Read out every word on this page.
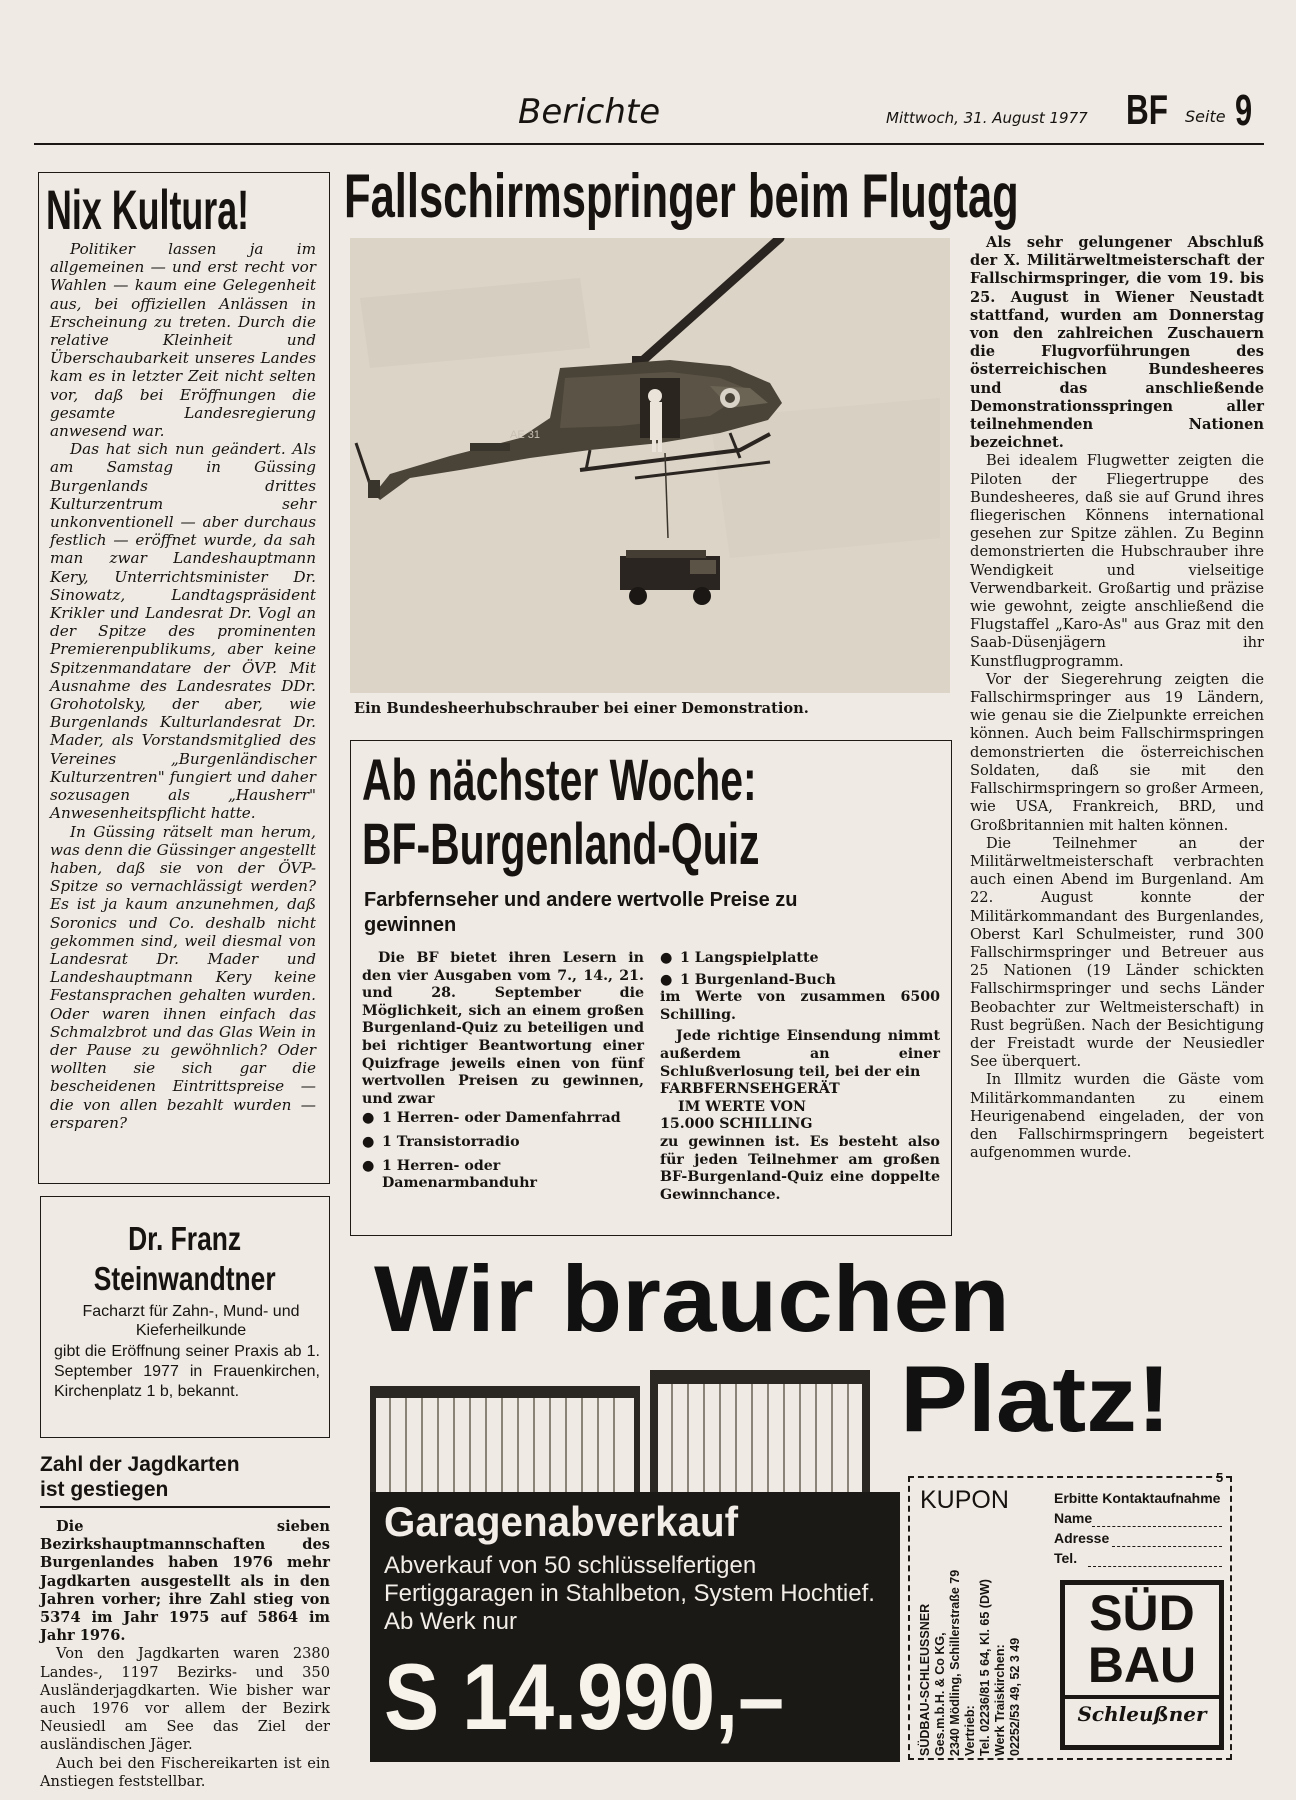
Berichte	Mittwoch, 31. August 1977 BF Seite 9
Nix Kultura!

Politiker lassen ja im allgemeinen — und erst recht vor Wahlen — kaum eine Gelegenheit aus, bei offiziellen Anlässen in Erscheinung zu treten. Durch die relative Kleinheit und Überschaubarkeit unseres Landes kam es in letzter Zeit nicht selten vor, daß bei Eröffnungen die gesamte Landesregierung anwesend war.

Das hat sich nun geändert. Als am Samstag in Güssing Burgenlands drittes Kulturzentrum sehr unkonventionell — aber durchaus festlich — eröffnet wurde, da sah man zwar Landeshauptmann Kery, Unterrichtsminister Dr. Sinowatz, Landtagspräsident Krikler und Landesrat Dr. Vogl an der Spitze des prominenten Premierenpublikums, aber keine Spitzenmandatare der ÖVP. Mit Ausnahme des Landesrates DDr. Grohotolsky, der aber, wie Burgenlands Kulturlandesrat Dr. Mader, als Vorstandsmitglied des Vereines „Burgenländischer Kulturzentren" fungiert und daher sozusagen als „Hausherr" Anwesenheitspflicht hatte.

In Güssing rätselt man herum, was denn die Güssinger angestellt haben, daß sie von der ÖVP-Spitze so vernachlässigt werden? Es ist ja kaum anzunehmen, daß Soronics und Co. deshalb nicht gekommen sind, weil diesmal von Landesrat Dr. Mader und Landeshauptmann Kery keine Festansprachen gehalten wurden. Oder waren ihnen einfach das Schmalzbrot und das Glas Wein in der Pause zu gewöhnlich? Oder wollten sie sich gar die bescheidenen Eintrittspreise — die von allen bezahlt wurden — ersparen?

Dr. Franz
Steinwandtner
Facharzt für Zahn-, Mund- und Kieferheilkunde
gibt die Eröffnung seiner Praxis ab 1. September 1977 in Frauenkirchen, Kirchenplatz 1 b, bekannt.
Zahl der Jagdkarten
ist gestiegen

Die sieben Bezirkshauptmannschaften des Burgenlandes haben 1976 mehr Jagdkarten ausgestellt als in den Jahren vorher; ihre Zahl stieg von 5374 im Jahr 1975 auf 5864 im Jahr 1976.

Von den Jagdkarten waren 2380 Landes-, 1197 Bezirks- und 350 Ausländerjagdkarten. Wie bisher war auch 1976 vor allem der Bezirk Neusiedl am See das Ziel der ausländischen Jäger.

Auch bei den Fischereikarten ist ein Anstiegen feststellbar.

Fallschirmspringer beim Flugtag
AE 31
Ein Bundesheerhubschrauber bei einer Demonstration.

Als sehr gelungener Abschluß der X. Militärweltmeisterschaft der Fallschirmspringer, die vom 19. bis 25. August in Wiener Neustadt stattfand, wurden am Donnerstag von den zahlreichen Zuschauern die Flugvorführungen des österreichischen Bundesheeres und das anschließende Demonstrationsspringen aller teilnehmenden Nationen bezeichnet.

Bei idealem Flugwetter zeigten die Piloten der Fliegertruppe des Bundesheeres, daß sie auf Grund ihres fliegerischen Könnens international gesehen zur Spitze zählen. Zu Beginn demonstrierten die Hubschrauber ihre Wendigkeit und vielseitige Verwendbarkeit. Großartig und präzise wie gewohnt, zeigte anschließend die Flugstaffel „Karo-As" aus Graz mit den Saab-Düsenjägern ihr Kunstflugprogramm.

Vor der Siegerehrung zeigten die Fallschirmspringer aus 19 Ländern, wie genau sie die Zielpunkte erreichen können. Auch beim Fallschirmspringen demonstrierten die österreichischen Soldaten, daß sie mit den Fallschirmspringern so großer Armeen, wie USA, Frankreich, BRD, und Großbritannien mit halten können.

Die Teilnehmer an der Militärweltmeisterschaft verbrachten auch einen Abend im Burgenland. Am 22. August konnte der Militärkommandant des Burgenlandes, Oberst Karl Schulmeister, rund 300 Fallschirmspringer und Betreuer aus 25 Nationen (19 Länder schickten Fallschirmspringer und sechs Länder Beobachter zur Weltmeisterschaft) in Rust begrüßen. Nach der Besichtigung der Freistadt wurde der Neusiedler See überquert.

In Illmitz wurden die Gäste vom Militärkommandanten zu einem Heurigenabend eingeladen, der von den Fallschirmspringern begeistert aufgenommen wurde.

Ab nächster Woche:
BF-Burgenland-Quiz
Farbfernseher und andere wertvolle Preise zu gewinnen

Die BF bietet ihren Lesern in den vier Ausgaben vom 7., 14., 21. und 28. September die Möglichkeit, sich an einem großen Burgenland-Quiz zu beteiligen und bei richtiger Beantwortung einer Quizfrage jeweils einen von fünf wertvollen Preisen zu gewinnen, und zwar

● 1 Herren- oder Damenfahrrad
● 1 Transistorradio
● 1 Herren- oder Damenarmbanduhr
● 1 Langspielplatte
● 1 Burgenland-Buch

im Werte von zusammen 6500 Schilling.

Jede richtige Einsendung nimmt außerdem an einer Schlußverlosung teil, bei der ein

FARBFERNSEHGERÄT

IM WERTE VON

15.000 SCHILLING

zu gewinnen ist. Es besteht also für jeden Teilnehmer am großen BF-Burgenland-Quiz eine doppelte Gewinnchance.

Wir brauchen
Platz!
Garagenabverkauf
Abverkauf von 50 schlüsselfertigen Fertiggaragen in Stahlbeton, System Hochtief. Ab Werk nur
S 14.990,–
KUPON
5
Erbitte Kontaktaufnahme
Name
Adresse
Tel.
SÜDBAU-SCHLEUSSNER Ges.m.b.H. & Co KG, 2340 Mödling, Schillerstraße 79 Vertrieb: Tel. 02236/81 5 64, Kl. 65 (DW) Werk Traiskirchen: 02252/53 49, 52 3 49
SÜD
BAU
Schleußner
